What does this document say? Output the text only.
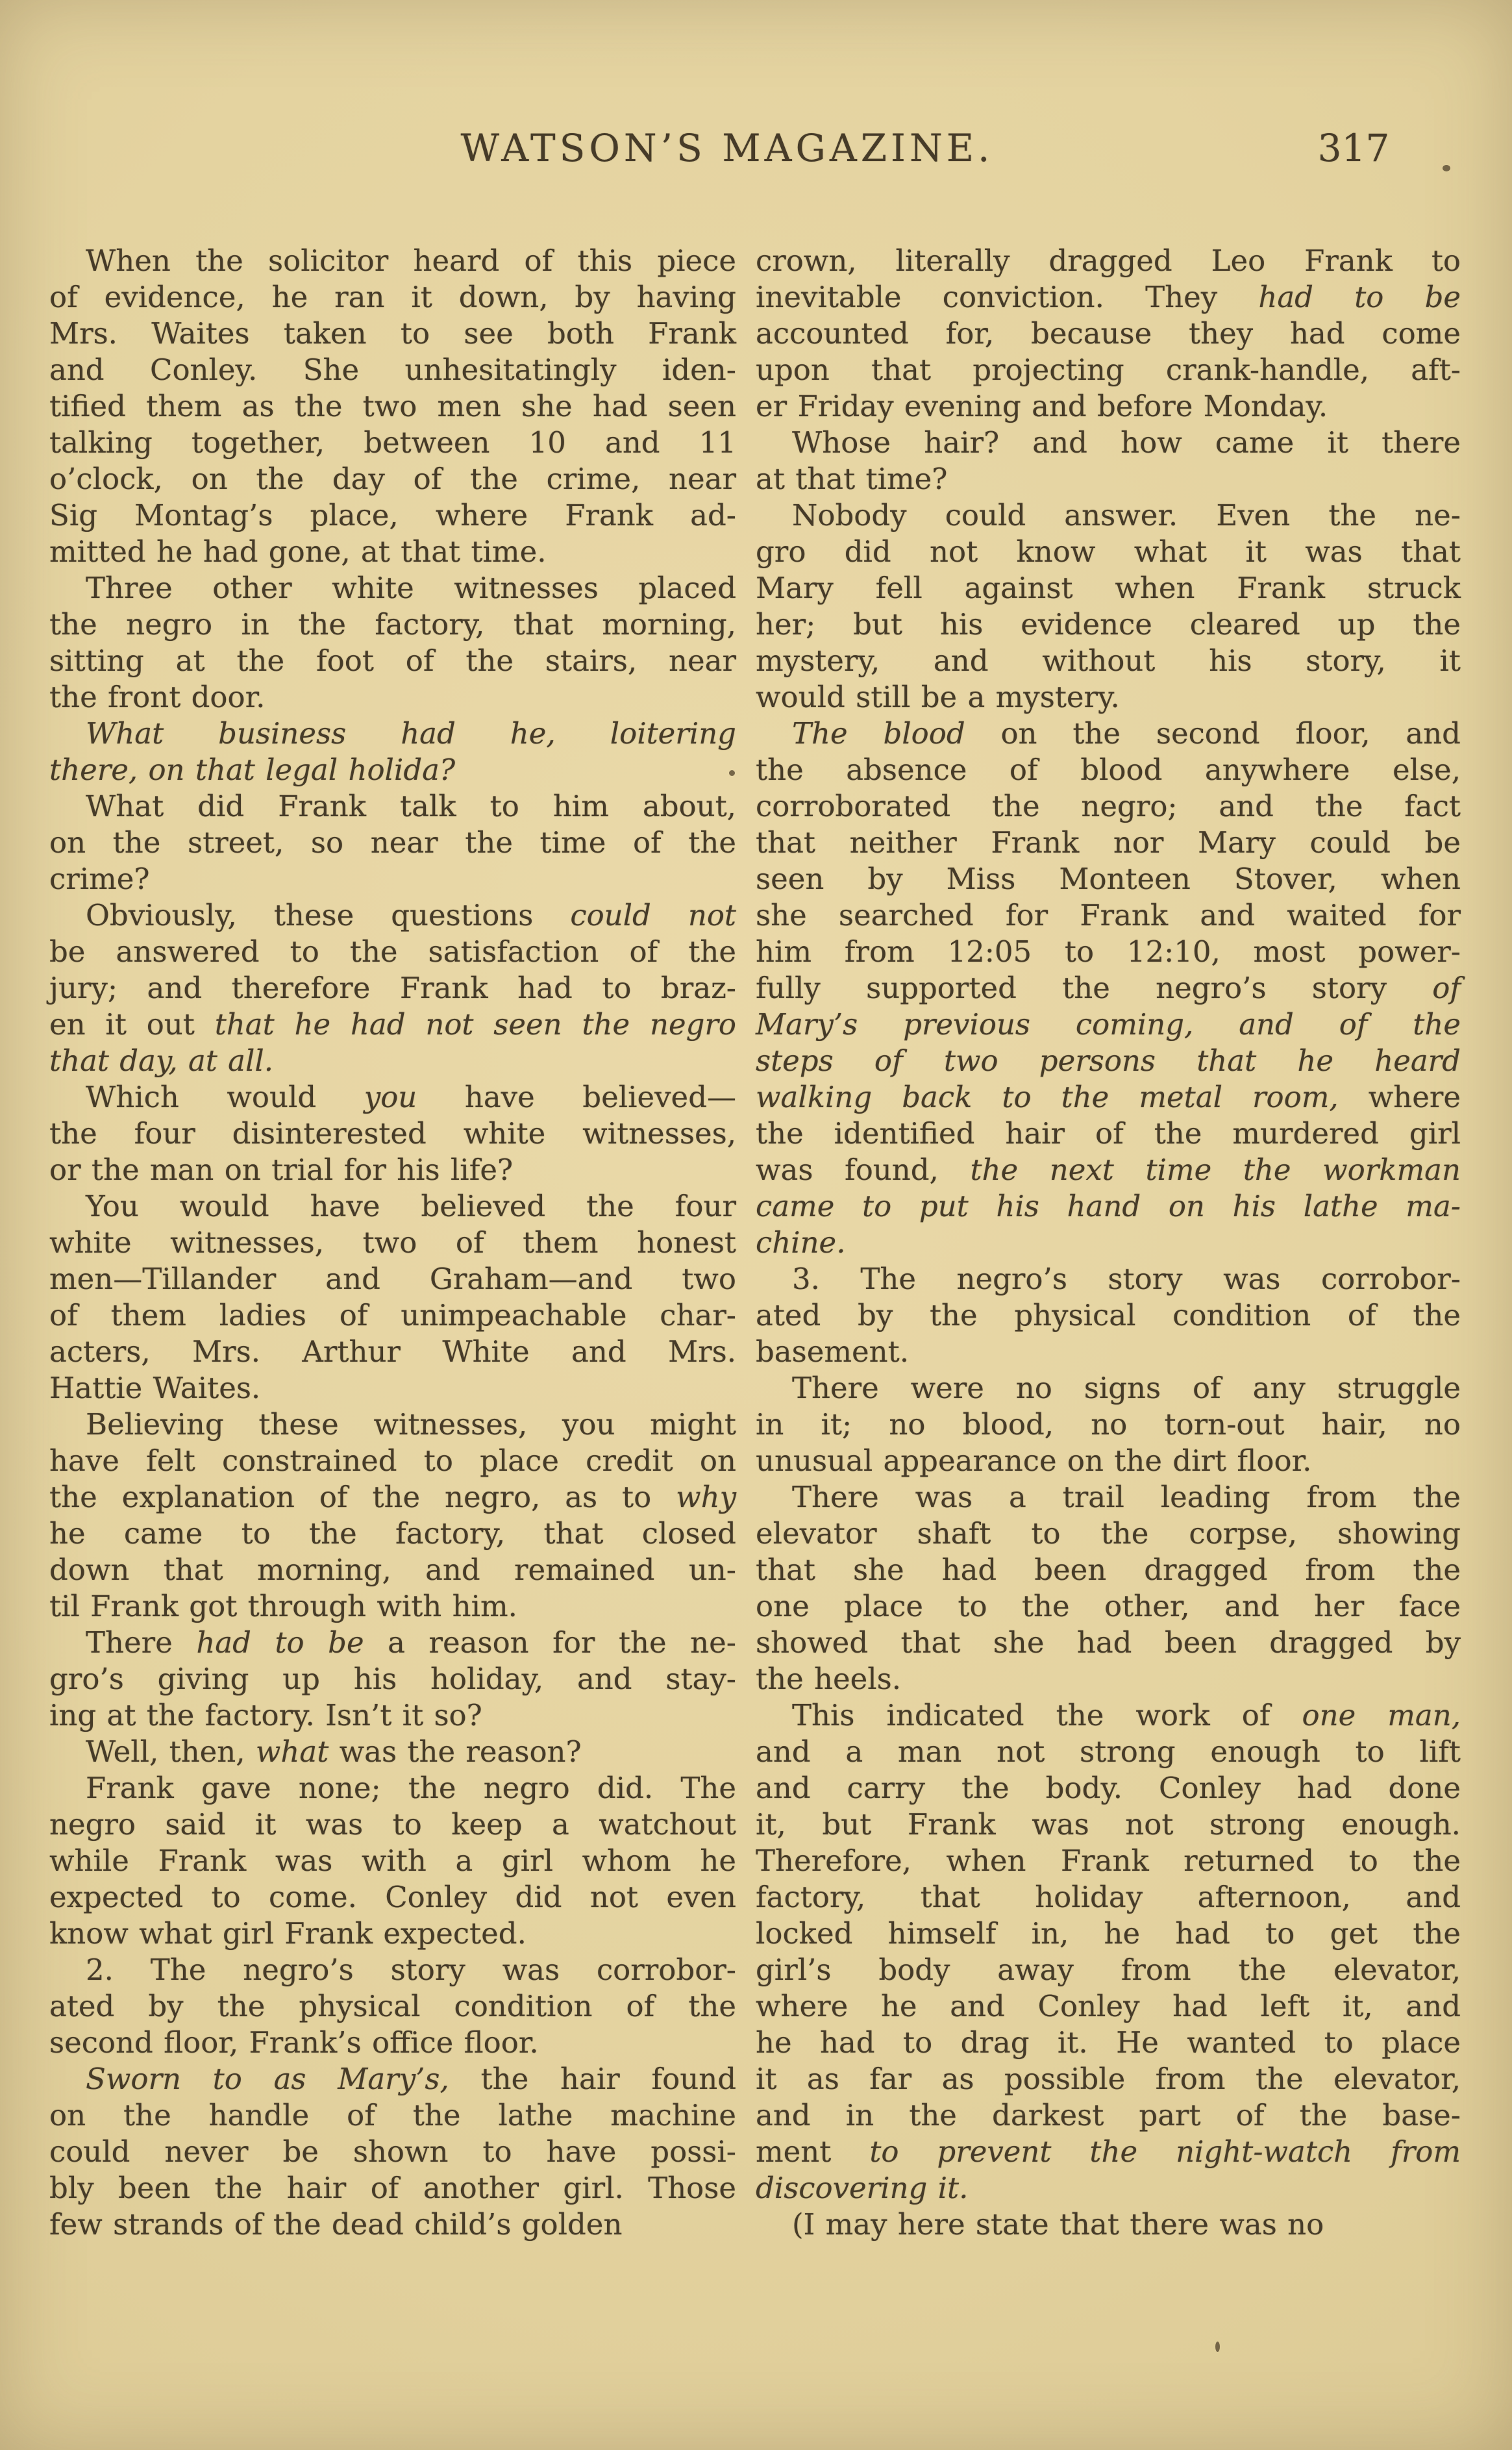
WATSON’S MAGAZINE.	317
When the solicitor heard of this piece
of evidence, he ran it down, by having
Mrs. Waites taken to see both Frank
and Conley. She unhesitatingly iden-
tified them as the two men she had seen
talking together, between 10 and 11
o’clock, on the day of the crime, near
Sig Montag’s place, where Frank ad-
mitted he had gone, at that time.
Three other white witnesses placed
the negro in the factory, that morning,
sitting at the foot of the stairs, near
the front door.
What business had he, loitering
there, on that legal holida?
What did Frank talk to him about,
on the street, so near the time of the
crime?
Obviously, these questions could not
be answered to the satisfaction of the
jury; and therefore Frank had to braz-
en it out that he had not seen the negro
that day, at all.
Which would you have believed—
the four disinterested white witnesses,
or the man on trial for his life?
You would have believed the four
white witnesses, two of them honest
men—Tillander and Graham—and two
of them ladies of unimpeachable char-
acters, Mrs. Arthur White and Mrs.
Hattie Waites.
Believing these witnesses, you might
have felt constrained to place credit on
the explanation of the negro, as to why
he came to the factory, that closed
down that morning, and remained un-
til Frank got through with him.
There had to be a reason for the ne-
gro’s giving up his holiday, and stay-
ing at the factory. Isn’t it so?
Well, then, what was the reason?
Frank gave none; the negro did. The
negro said it was to keep a watchout
while Frank was with a girl whom he
expected to come. Conley did not even
know what girl Frank expected.
2. The negro’s story was corrobor-
ated by the physical condition of the
second floor, Frank’s office floor.
Sworn to as Mary’s, the hair found
on the handle of the lathe machine
could never be shown to have possi-
bly been the hair of another girl. Those
few strands of the dead child’s golden
crown, literally dragged Leo Frank to
inevitable conviction. They had to be
accounted for, because they had come
upon that projecting crank-handle, aft-
er Friday evening and before Monday.
Whose hair? and how came it there
at that time?
Nobody could answer. Even the ne-
gro did not know what it was that
Mary fell against when Frank struck
her; but his evidence cleared up the
mystery, and without his story, it
would still be a mystery.
The blood on the second floor, and
the absence of blood anywhere else,
corroborated the negro; and the fact
that neither Frank nor Mary could be
seen by Miss Monteen Stover, when
she searched for Frank and waited for
him from 12:05 to 12:10, most power-
fully supported the negro’s story of
Mary’s previous coming, and of the
steps of two persons that he heard
walking back to the metal room, where
the identified hair of the murdered girl
was found, the next time the workman
came to put his hand on his lathe ma-
chine.
3. The negro’s story was corrobor-
ated by the physical condition of the
basement.
There were no signs of any struggle
in it; no blood, no torn-out hair, no
unusual appearance on the dirt floor.
There was a trail leading from the
elevator shaft to the corpse, showing
that she had been dragged from the
one place to the other, and her face
showed that she had been dragged by
the heels.
This indicated the work of one man,
and a man not strong enough to lift
and carry the body. Conley had done
it, but Frank was not strong enough.
Therefore, when Frank returned to the
factory, that holiday afternoon, and
locked himself in, he had to get the
girl’s body away from the elevator,
where he and Conley had left it, and
he had to drag it. He wanted to place
it as far as possible from the elevator,
and in the darkest part of the base-
ment to prevent the night-watch from
discovering it.
(I may here state that there was no
